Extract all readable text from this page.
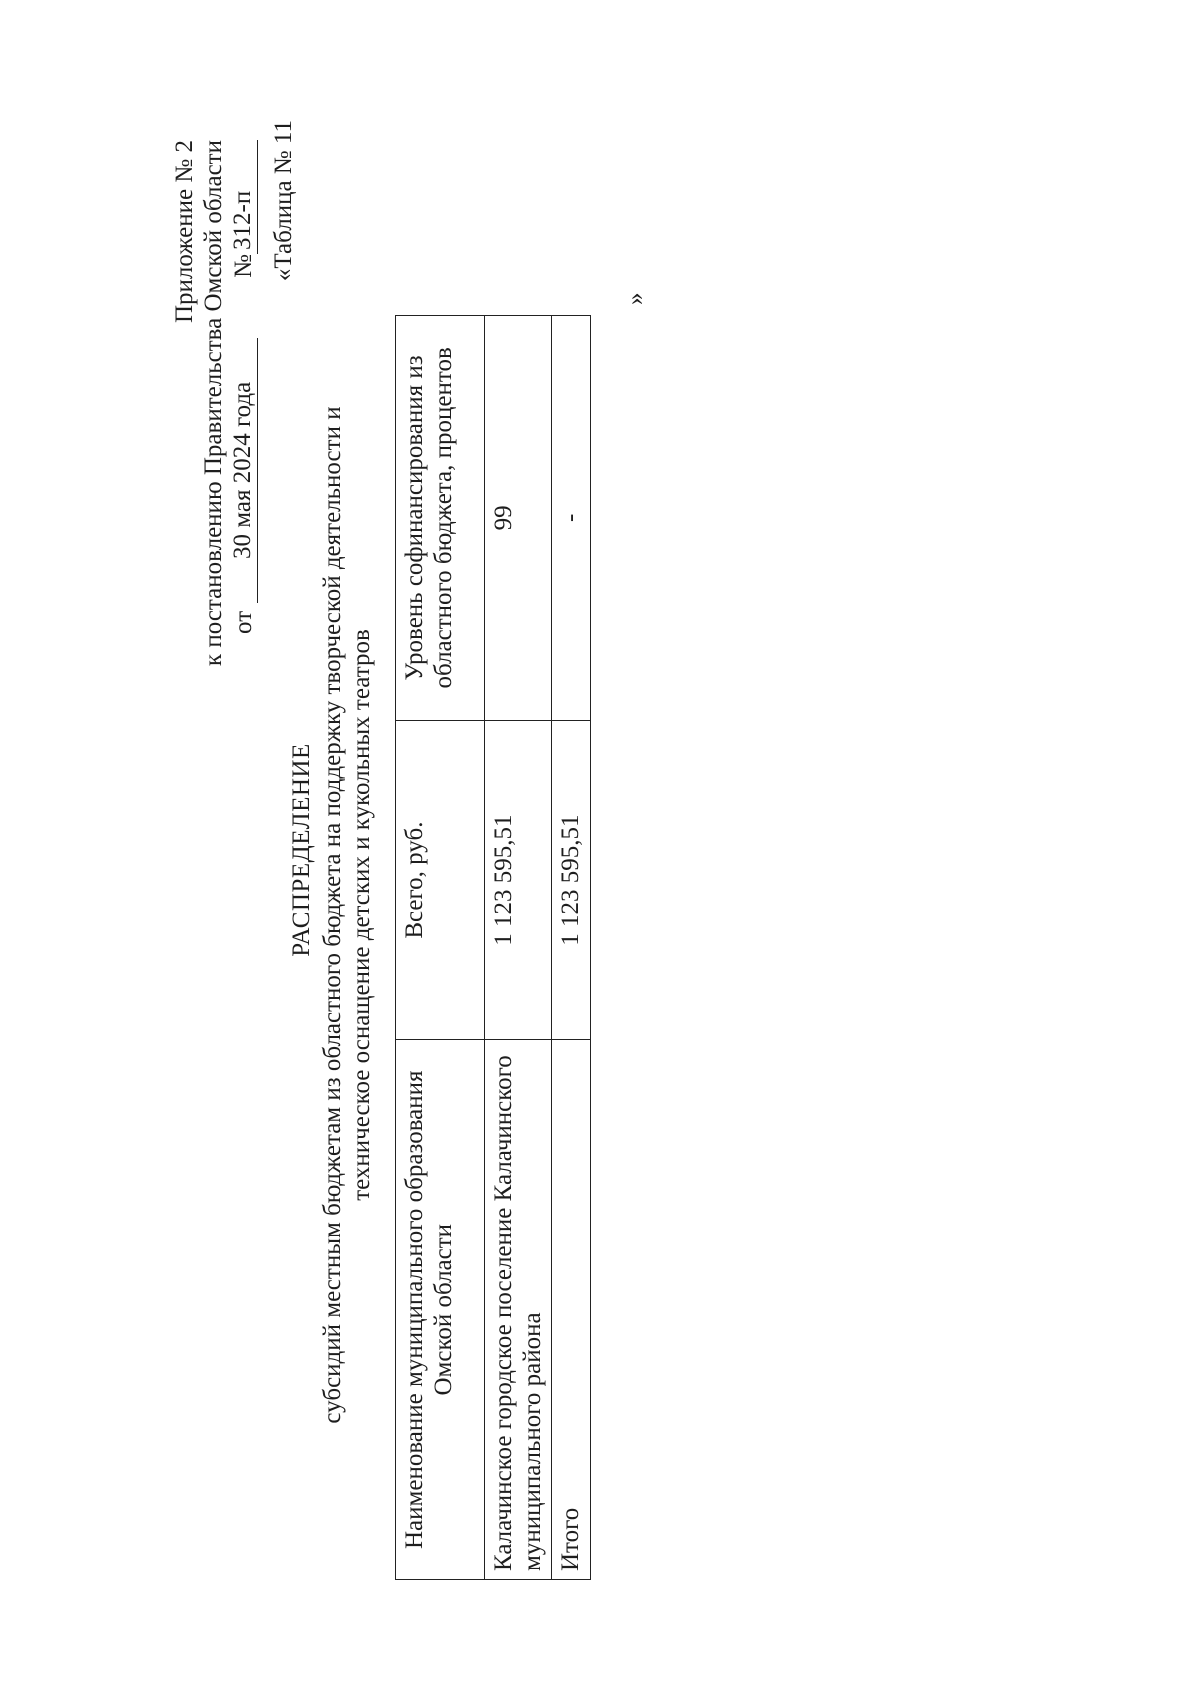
Приложение № 2 к постановлению Правительства Омской области от
30 мая 2024 года
№
312-п «Таблица № 11
РАСПРЕДЕЛЕНИЕ субсидий местным бюджетам из областного бюджета на поддержку творческой деятельности и техническое оснащение детских и кукольных театров
Наименование муниципального образования Омской области	Всего, руб.	Уровень софинансирования из областного бюджета, процентов
Калачинское городское поселение Калачинского муниципального района	1 123 595,51	99
Итого	1 123 595,51	-
»
